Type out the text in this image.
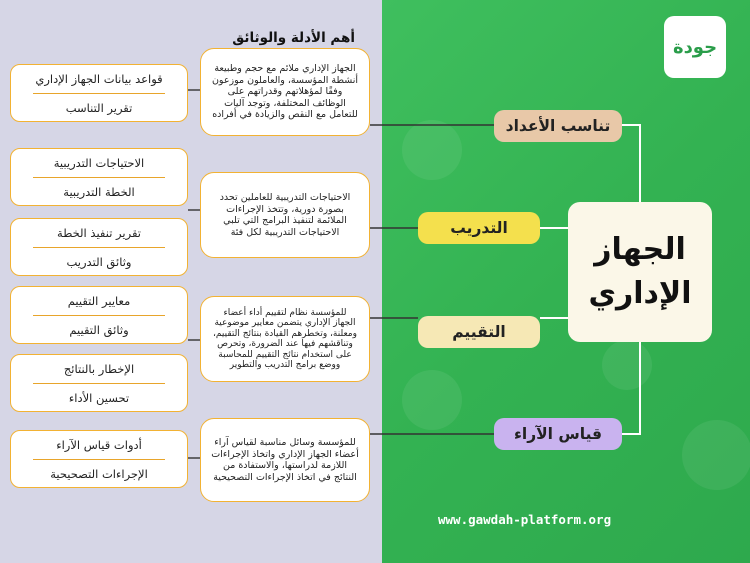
جودة
أهم الأدلة والوثائق
قواعد بيانات الجهاز الإداري
تقرير التناسب
الاحتياجات التدريبية
الخطة التدريبية
تقرير تنفيذ الخطة
وثائق التدريب
معايير التقييم
وثائق التقييم
الإخطار بالنتائج
تحسين الأداء
أدوات قياس الآراء
الإجراءات التصحيحية
الجهاز الإداري ملائم مع حجم وطبيعة أنشطة المؤسسة، والعاملون موزعون وفقًا لمؤهلاتهم وقدراتهم على الوظائف المختلفة، وتوجد آليات للتعامل مع النقص والزيادة في أفراده
الاحتياجات التدريبية للعاملين تحدد بصورة دورية، وتتخذ الإجراءات الملائمة لتنفيذ البرامج التي تلبي الاحتياجات التدريبية لكل فئة
للمؤسسة نظام لتقييم أداء أعضاء الجهاز الإداري يتضمن معايير موضوعية ومعلنة، وتخطرهم القيادة بنتائج التقييم، وتناقشهم فيها عند الضرورة، وتحرص على استخدام نتائج التقييم للمحاسبة ووضع برامج التدريب والتطوير
للمؤسسة وسائل مناسبة لقياس آراء أعضاء الجهاز الإداري واتخاذ الإجراءات اللازمة لدراستها، والاستفادة من النتائج في اتخاذ الإجراءات التصحيحية
تناسب الأعداد
التدريب
التقييم
قياس الآراء
الجهاز
الإداري
www.gawdah-platform.org
